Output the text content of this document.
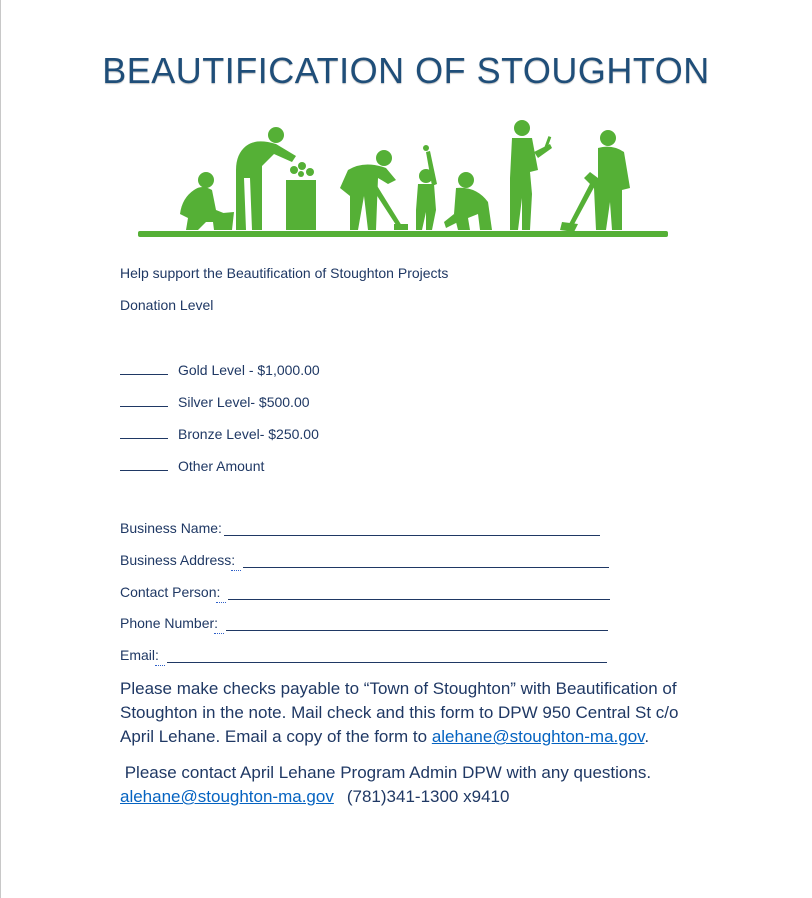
BEAUTIFICATION OF STOUGHTON
Help support the Beautification of Stoughton Projects
Donation Level
Gold Level - $1,000.00
Silver Level- $500.00
Bronze Level- $250.00
Other Amount
Business Name:
Business Address:
Contact Person:
Phone Number:
Email:
Please make checks payable to “Town of Stoughton” with Beautification of Stoughton in the note. Mail check and this form to DPW 950 Central St c/o April Lehane. Email a copy of the form to alehane@stoughton-ma.gov.
Please contact April Lehane Program Admin DPW with any questions.
alehane@stoughton-ma.gov (781)341-1300 x9410
